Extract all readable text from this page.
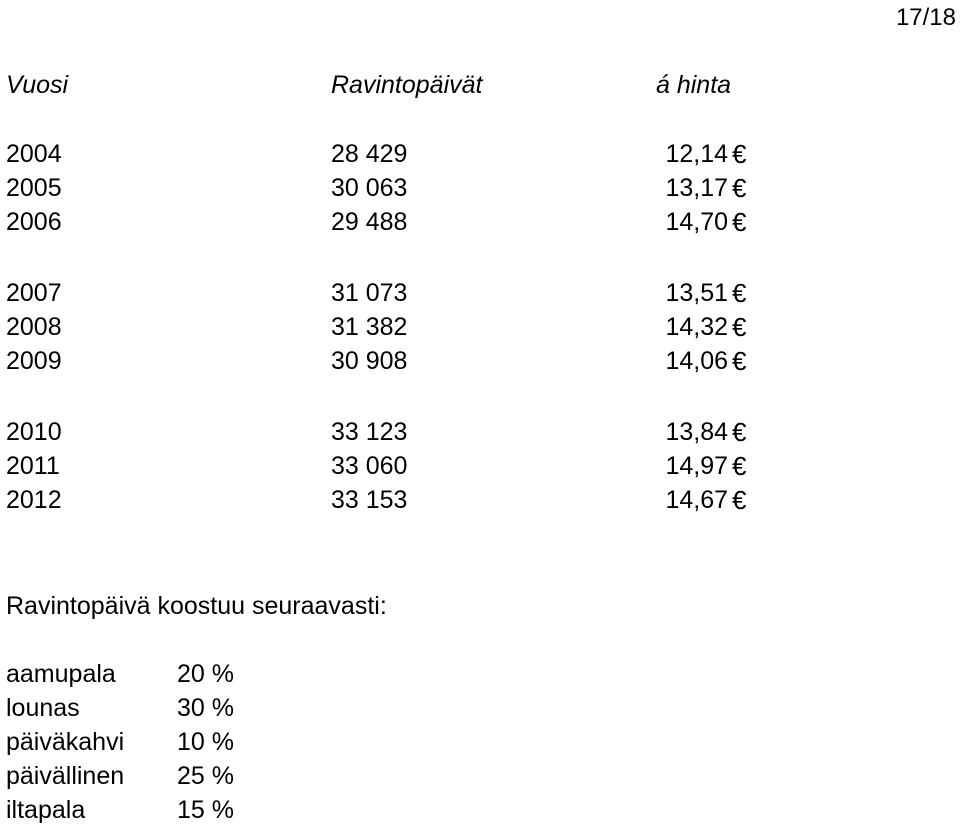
17/18
Vuosi	Ravintopäivät	á hinta
2004	28 429	12,14 €
2005	30 063	13,17 €
2006	29 488	14,70 €
2007	31 073	13,51 €
2008	31 382	14,32 €
2009	30 908	14,06 €
2010	33 123	13,84 €
2011	33 060	14,97 €
2012	33 153	14,67 €
Ravintopäivä koostuu seuraavasti:
aamupala	20 %
lounas	30 %
päiväkahvi	10 %
päivällinen	25 %
iltapala	15 %
